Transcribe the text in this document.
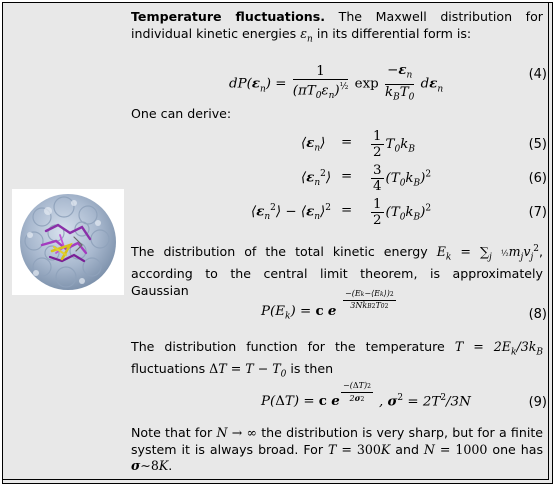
Temperature fluctuations. The Maxwell distribution for individual kinetic energies $\varepsilon_n$ in its differential form is:
$dP(\varepsilon_n) = \frac{1}{(\pi T_0\varepsilon_n)^{\frac{1}{2}}}$ $\exp \frac{-\varepsilon_n}{k_BT_0} d\varepsilon_n$
(4)
One can derive:
$⟨\varepsilon_n⟩ = \frac{1}{2} T_0k_B$	(5)
$⟨\varepsilon_n^2⟩ = \frac{3}{4} (T_0k_B)^2$	(6)
$⟨\varepsilon_n^2⟩$ − $⟨\varepsilon_n⟩^2 = \frac{1}{2} (T_0k_B)^2$	(7)
The distribution of the total kinetic energy $E_k = \sum_j$ $\frac{1}{2}m_jv_j^2$, according to the central limit theorem, is approximately Gaussian
$P(E_k) = c$ e
−(Ek−⟨Ek⟩)2
3NkB2T02
(8)
The distribution function for the temperature $T = 2E_k/3k_B$ fluctuations $\Delta T = T - T_0$ is then
P(ΔT) = c e
−(ΔT)2
2σ2	, $\sigma^2 = 2T^2/3N$	(9)
Note that for N → ∞ the distribution is very sharp, but for a finite system it is always broad. For T = 300K and N = 1000 one has σ∼8K.
